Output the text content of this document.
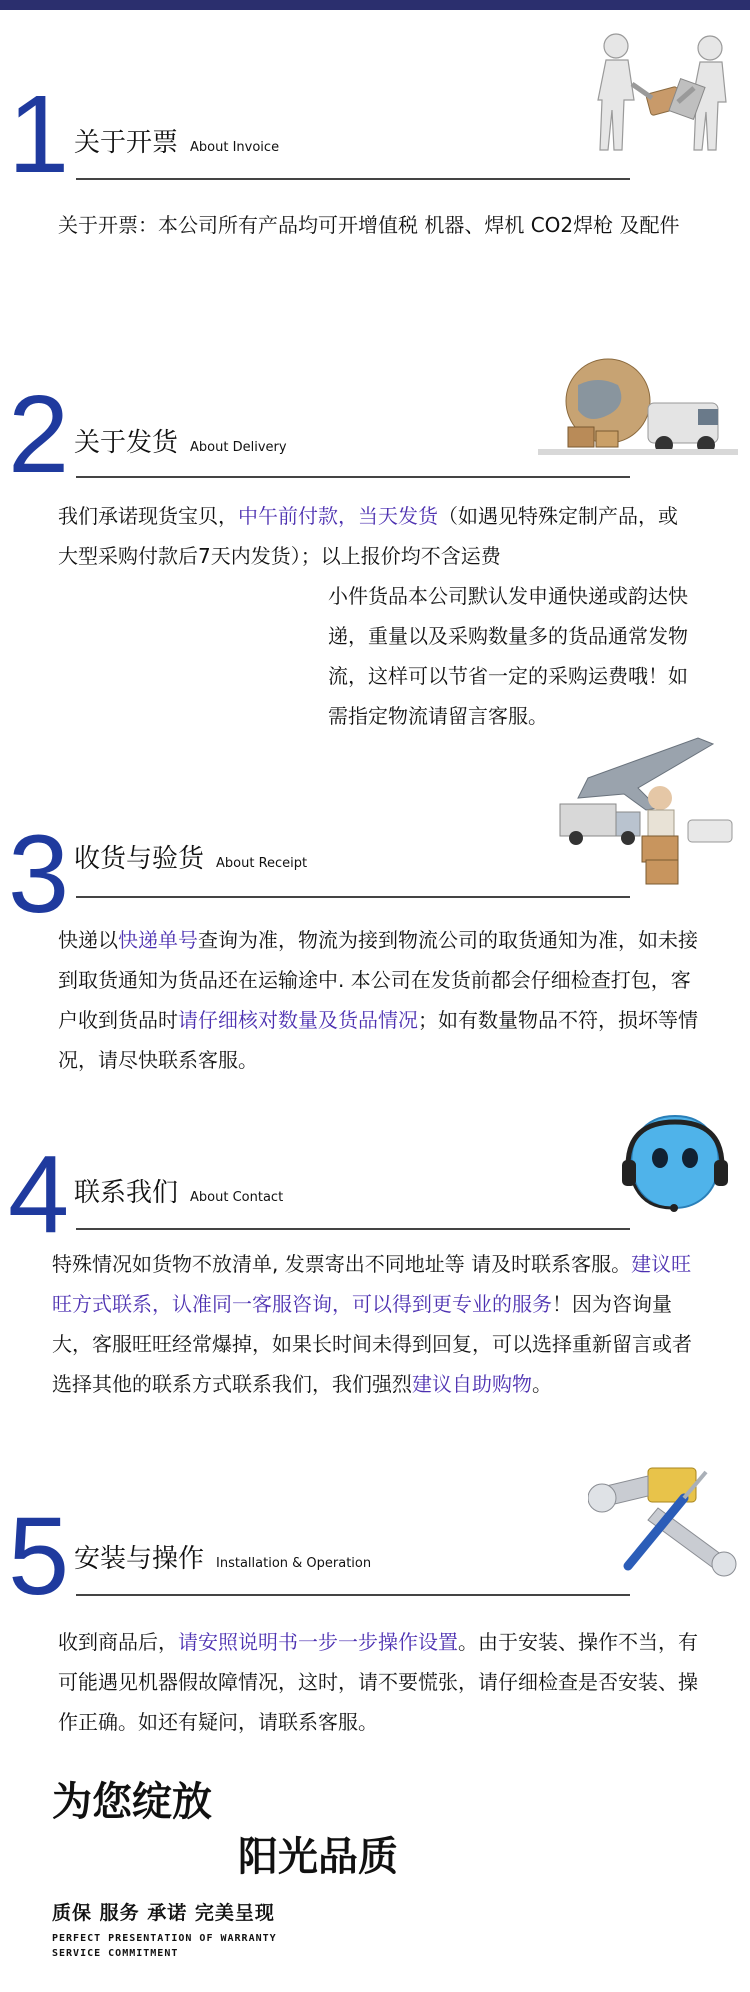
1 关于开票 About Invoice
关于开票：本公司所有产品均可开增值税 机器、焊机 CO2焊枪 及配件
2 关于发货 About Delivery
我们承诺现货宝贝，中午前付款，当天发货（如遇见特殊定制产品，或大型采购付款后7天内发货）；以上报价均不含运费

小件货品本公司默认发申通快递或韵达快递，重量以及采购数量多的货品通常发物流，这样可以节省一定的采购运费哦！如需指定物流请留言客服。
3 收货与验货 About Receipt
快递以快递单号查询为准，物流为接到物流公司的取货通知为准，如未接到取货通知为货品还在运输途中. 本公司在发货前都会仔细检查打包，客户收到货品时请仔细核对数量及货品情况；如有数量物品不符，损坏等情况，请尽快联系客服。
4 联系我们 About Contact
特殊情况如货物不放清单, 发票寄出不同地址等 请及时联系客服。建议旺旺方式联系，认准同一客服咨询，可以得到更专业的服务！因为咨询量大，客服旺旺经常爆掉，如果长时间未得到回复，可以选择重新留言或者选择其他的联系方式联系我们，我们强烈建议自助购物。
5 安装与操作 Installation & Operation
收到商品后，请安照说明书一步一步操作设置。由于安装、操作不当，有可能遇见机器假故障情况，这时，请不要慌张，请仔细检查是否安装、操作正确。如还有疑问，请联系客服。
为您绽放
阳光品质
质保 服务 承诺 完美呈现
PERFECT PRESENTATION OF WARRANTY
SERVICE COMMITMENT
